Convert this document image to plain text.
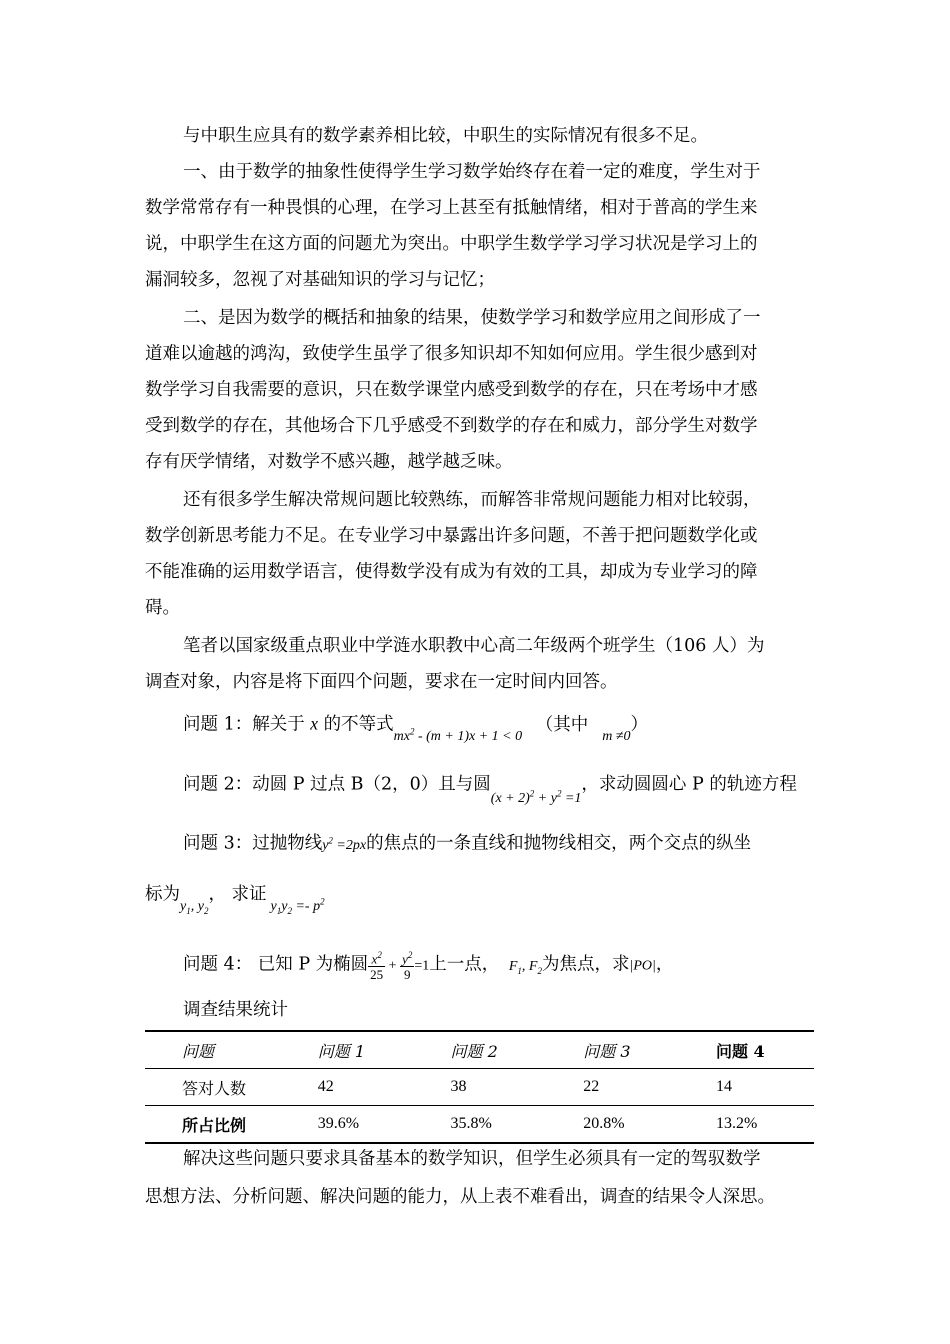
与中职生应具有的数学素养相比较，中职生的实际情况有很多不足。
一、由于数学的抽象性使得学生学习数学始终存在着一定的难度，学生对于
数学常常存有一种畏惧的心理，在学习上甚至有抵触情绪，相对于普高的学生来
说，中职学生在这方面的问题尤为突出。中职学生数学学习学习状况是学习上的
漏洞较多，忽视了对基础知识的学习与记忆；
二、是因为数学的概括和抽象的结果，使数学学习和数学应用之间形成了一
道难以逾越的鸿沟，致使学生虽学了很多知识却不知如何应用。学生很少感到对
数学学习自我需要的意识，只在数学课堂内感受到数学的存在，只在考场中才感
受到数学的存在，其他场合下几乎感受不到数学的存在和威力，部分学生对数学
存有厌学情绪，对数学不感兴趣，越学越乏味。
还有很多学生解决常规问题比较熟练，而解答非常规问题能力相对比较弱，
数学创新思考能力不足。在专业学习中暴露出许多问题，不善于把问题数学化或
不能准确的运用数学语言，使得数学没有成为有效的工具，却成为专业学习的障
碍。
笔者以国家级重点职业中学涟水职教中心高二年级两个班学生（106 人）为
调查对象，内容是将下面四个问题，要求在一定时间内回答。
问题 1：解关于 x 的不等式$_{mx^2 - (m + 1)x + 1 < 0}$ （其中$_{m \ne 0}$）
问题 2：动圆 P 过点 B（2，0）且与圆$_{(x + 2)^2 + y^2 =1}$，求动圆圆心 P 的轨迹方程
问题 3：过抛物线$y^2 =2px$的焦点的一条直线和抛物线相交，两个交点的纵坐
标为$_{y_1, y_2}$， 求证$_{y_1y_2 =- p^2}$
问题 4： 已知 P 为椭圆 $\frac{x^2}{25} + \frac{y^2}{9} =1$上一点， $F_1$, $F_2$为焦点，求|PO|，
调查结果统计
问题	问题 1	问题 2	问题 3	问题 4
答对人数	42	38	22	14
所占比例	39.6%	35.8%	20.8%	13.2%
解决这些问题只要求具备基本的数学知识，但学生必须具有一定的驾驭数学
思想方法、分析问题、解决问题的能力，从上表不难看出，调查的结果令人深思。
